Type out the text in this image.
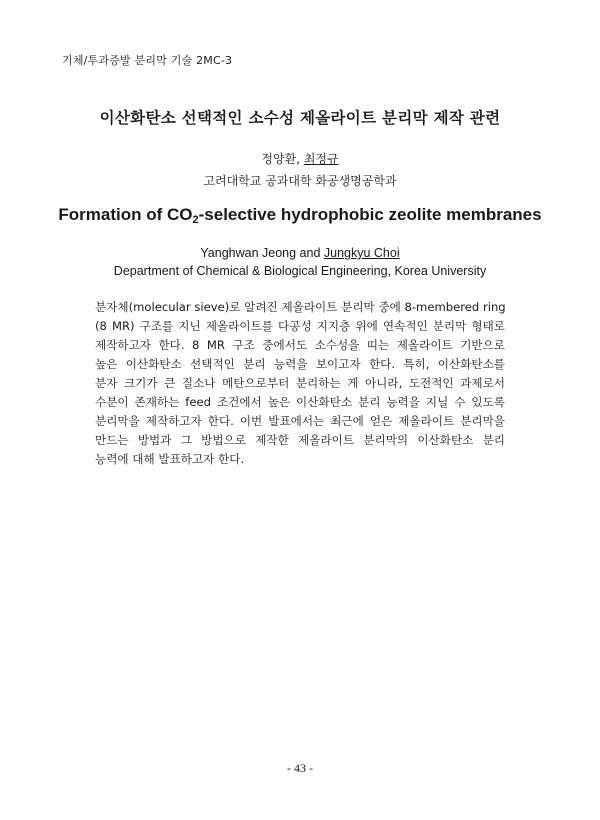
기체/투과증발 분리막 기술 2MC-3
이산화탄소 선택적인 소수성 제올라이트 분리막 제작 관련
정양환, 최정규
고려대학교 공과대학 화공생명공학과
Formation of $CO_2$-selective hydrophobic zeolite membranes
Yanghwan Jeong and Jungkyu Choi
Department of Chemical & Biological Engineering, Korea University
분자체(molecular sieve)로 알려진 제올라이트 분리막 중에 8-membered ring
(8 MR) 구조를 지닌 제올라이트를 다공성 지지층 위에 연속적인 분리막 형태로
제작하고자 한다. 8 MR 구조 중에서도 소수성을 띠는 제올라이트 기반으로
높은 이산화탄소 선택적인 분리 능력을 보이고자 한다. 특히, 이산화탄소를
분자 크기가 큰 질소나 메탄으로부터 분리하는 게 아니라, 도전적인 과제로서
수분이 존재하는 feed 조건에서 높은 이산화탄소 분리 능력을 지닐 수 있도록
분리막을 제작하고자 한다. 이번 발표에서는 최근에 얻은 제올라이트 분리막을
만드는 방법과 그 방법으로 제작한 제올라이트 분리막의 이산화탄소 분리
능력에 대해 발표하고자 한다.
- 43 -
